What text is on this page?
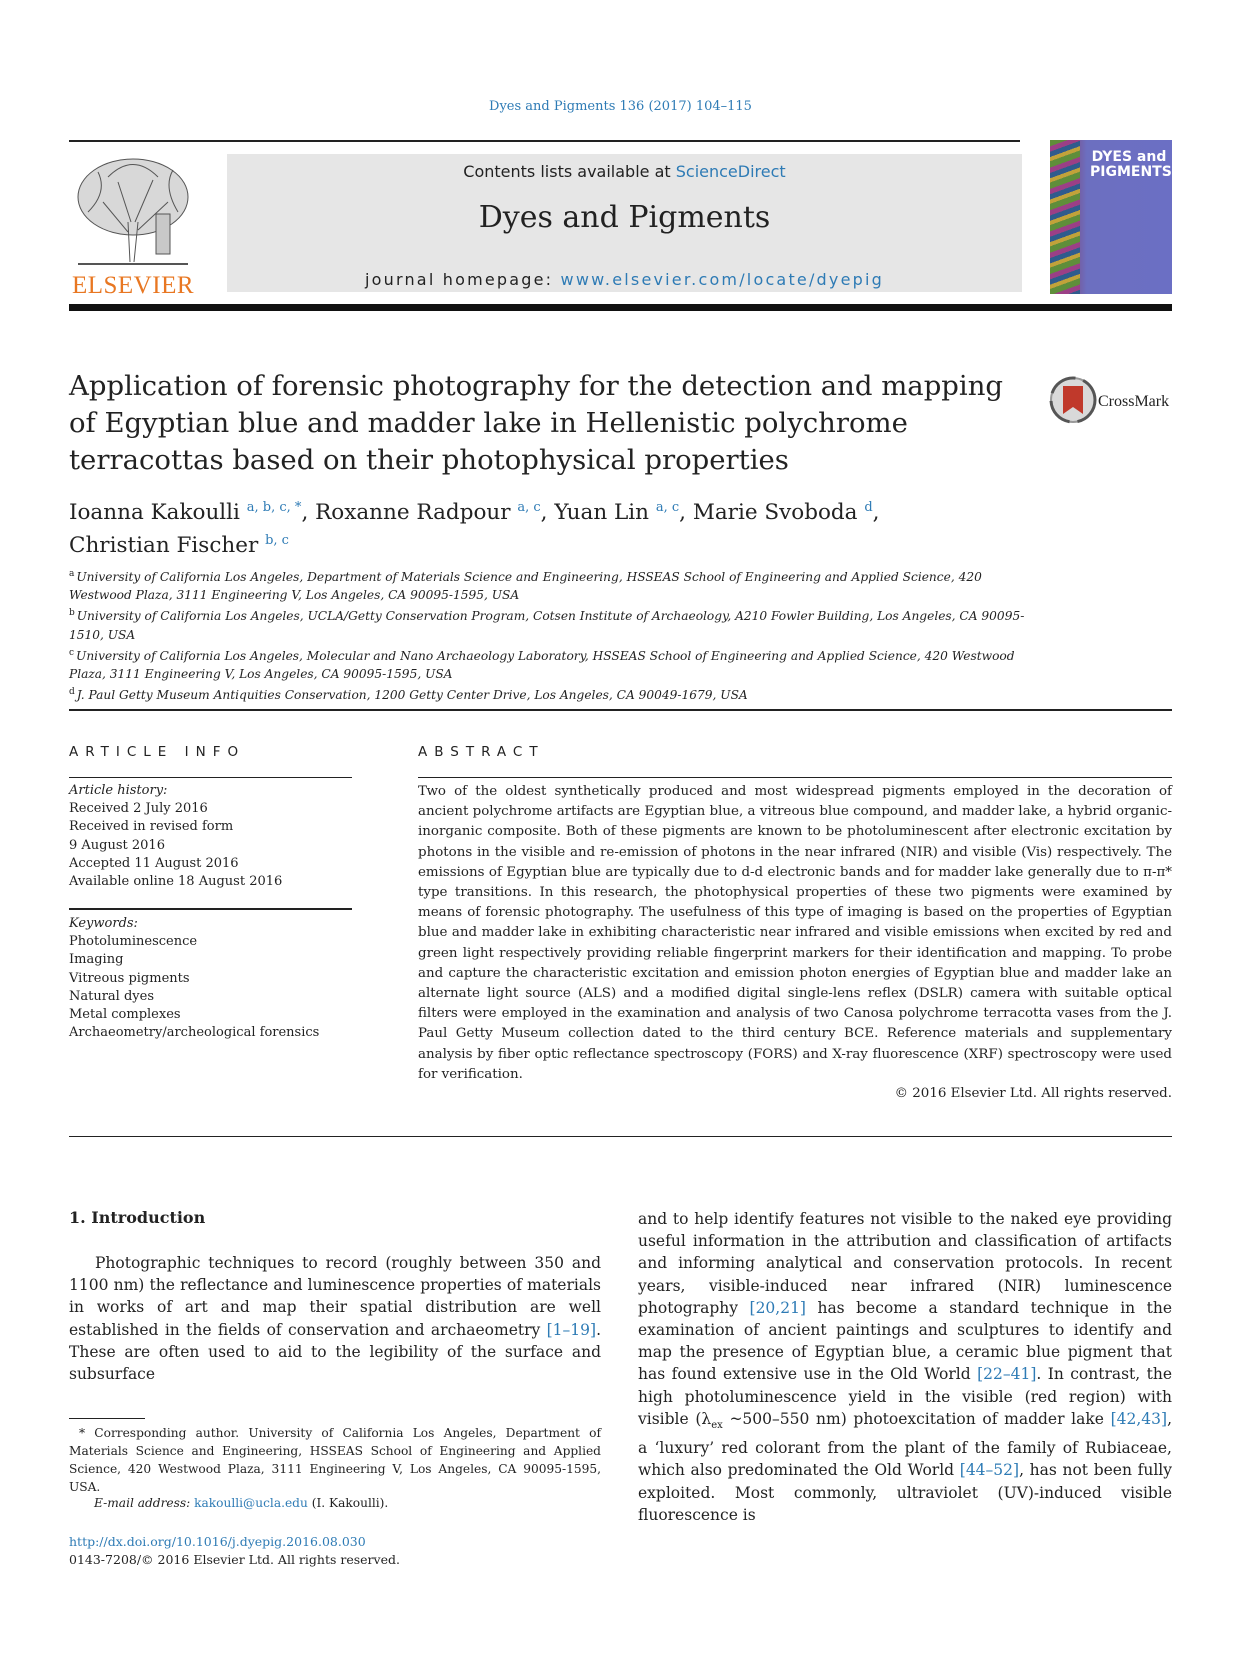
Dyes and Pigments 136 (2017) 104–115
ELSEVIER
Contents lists available at ScienceDirect
Dyes and Pigments
journal homepage: www.elsevier.com/locate/dyepig
DYES and PIGMENTS
Application of forensic photography for the detection and mapping of Egyptian blue and madder lake in Hellenistic polychrome terracottas based on their photophysical properties
CrossMark
Ioanna Kakoulli $^{a, b, c, *}$, Roxanne Radpour $^{a, c}$, Yuan Lin $^{a, c}$, Marie Svoboda $^d$,
Christian Fischer $^{b, c}$
$^a$ University of California Los Angeles, Department of Materials Science and Engineering, HSSEAS School of Engineering and Applied Science, 420 Westwood Plaza, 3111 Engineering V, Los Angeles, CA 90095-1595, USA
$^b$ University of California Los Angeles, UCLA/Getty Conservation Program, Cotsen Institute of Archaeology, A210 Fowler Building, Los Angeles, CA 90095-1510, USA
$^c$ University of California Los Angeles, Molecular and Nano Archaeology Laboratory, HSSEAS School of Engineering and Applied Science, 420 Westwood Plaza, 3111 Engineering V, Los Angeles, CA 90095-1595, USA
$^d$ J. Paul Getty Museum Antiquities Conservation, 1200 Getty Center Drive, Los Angeles, CA 90049-1679, USA
ARTICLE INFO
Article history:
Received 2 July 2016
Received in revised form
9 August 2016
Accepted 11 August 2016
Available online 18 August 2016
Keywords:
Photoluminescence
Imaging
Vitreous pigments
Natural dyes
Metal complexes
Archaeometry/archeological forensics
ABSTRACT

Two of the oldest synthetically produced and most widespread pigments employed in the decoration of ancient polychrome artifacts are Egyptian blue, a vitreous blue compound, and madder lake, a hybrid organic-inorganic composite. Both of these pigments are known to be photoluminescent after electronic excitation by photons in the visible and re-emission of photons in the near infrared (NIR) and visible (Vis) respectively. The emissions of Egyptian blue are typically due to d-d electronic bands and for madder lake generally due to π-π* type transitions. In this research, the photophysical properties of these two pigments were examined by means of forensic photography. The usefulness of this type of imaging is based on the properties of Egyptian blue and madder lake in exhibiting characteristic near infrared and visible emissions when excited by red and green light respectively providing reliable fingerprint markers for their identification and mapping. To probe and capture the characteristic excitation and emission photon energies of Egyptian blue and madder lake an alternate light source (ALS) and a modified digital single-lens reflex (DSLR) camera with suitable optical filters were employed in the examination and analysis of two Canosa polychrome terracotta vases from the J. Paul Getty Museum collection dated to the third century BCE. Reference materials and supplementary analysis by fiber optic reflectance spectroscopy (FORS) and X-ray fluorescence (XRF) spectroscopy were used for verification.

© 2016 Elsevier Ltd. All rights reserved.
1. Introduction

Photographic techniques to record (roughly between 350 and 1100 nm) the reflectance and luminescence properties of materials in works of art and map their spatial distribution are well established in the fields of conservation and archaeometry [1–19]. These are often used to aid to the legibility of the surface and subsurface

and to help identify features not visible to the naked eye providing useful information in the attribution and classification of artifacts and informing analytical and conservation protocols. In recent years, visible-induced near infrared (NIR) luminescence photography [20,21] has become a standard technique in the examination of ancient paintings and sculptures to identify and map the presence of Egyptian blue, a ceramic blue pigment that has found extensive use in the Old World [22–41]. In contrast, the high photoluminescence yield in the visible (red region) with visible ($\lambda_{ex}$ ~500–550 nm) photoexcitation of madder lake [42,43], a ‘luxury’ red colorant from the plant of the family of Rubiaceae, which also predominated the Old World [44–52], has not been fully exploited. Most commonly, ultraviolet (UV)-induced visible fluorescence is

* Corresponding author. University of California Los Angeles, Department of Materials Science and Engineering, HSSEAS School of Engineering and Applied Science, 420 Westwood Plaza, 3111 Engineering V, Los Angeles, CA 90095-1595, USA.
E-mail address: kakoulli@ucla.edu (I. Kakoulli).
http://dx.doi.org/10.1016/j.dyepig.2016.08.030
0143-7208/© 2016 Elsevier Ltd. All rights reserved.
